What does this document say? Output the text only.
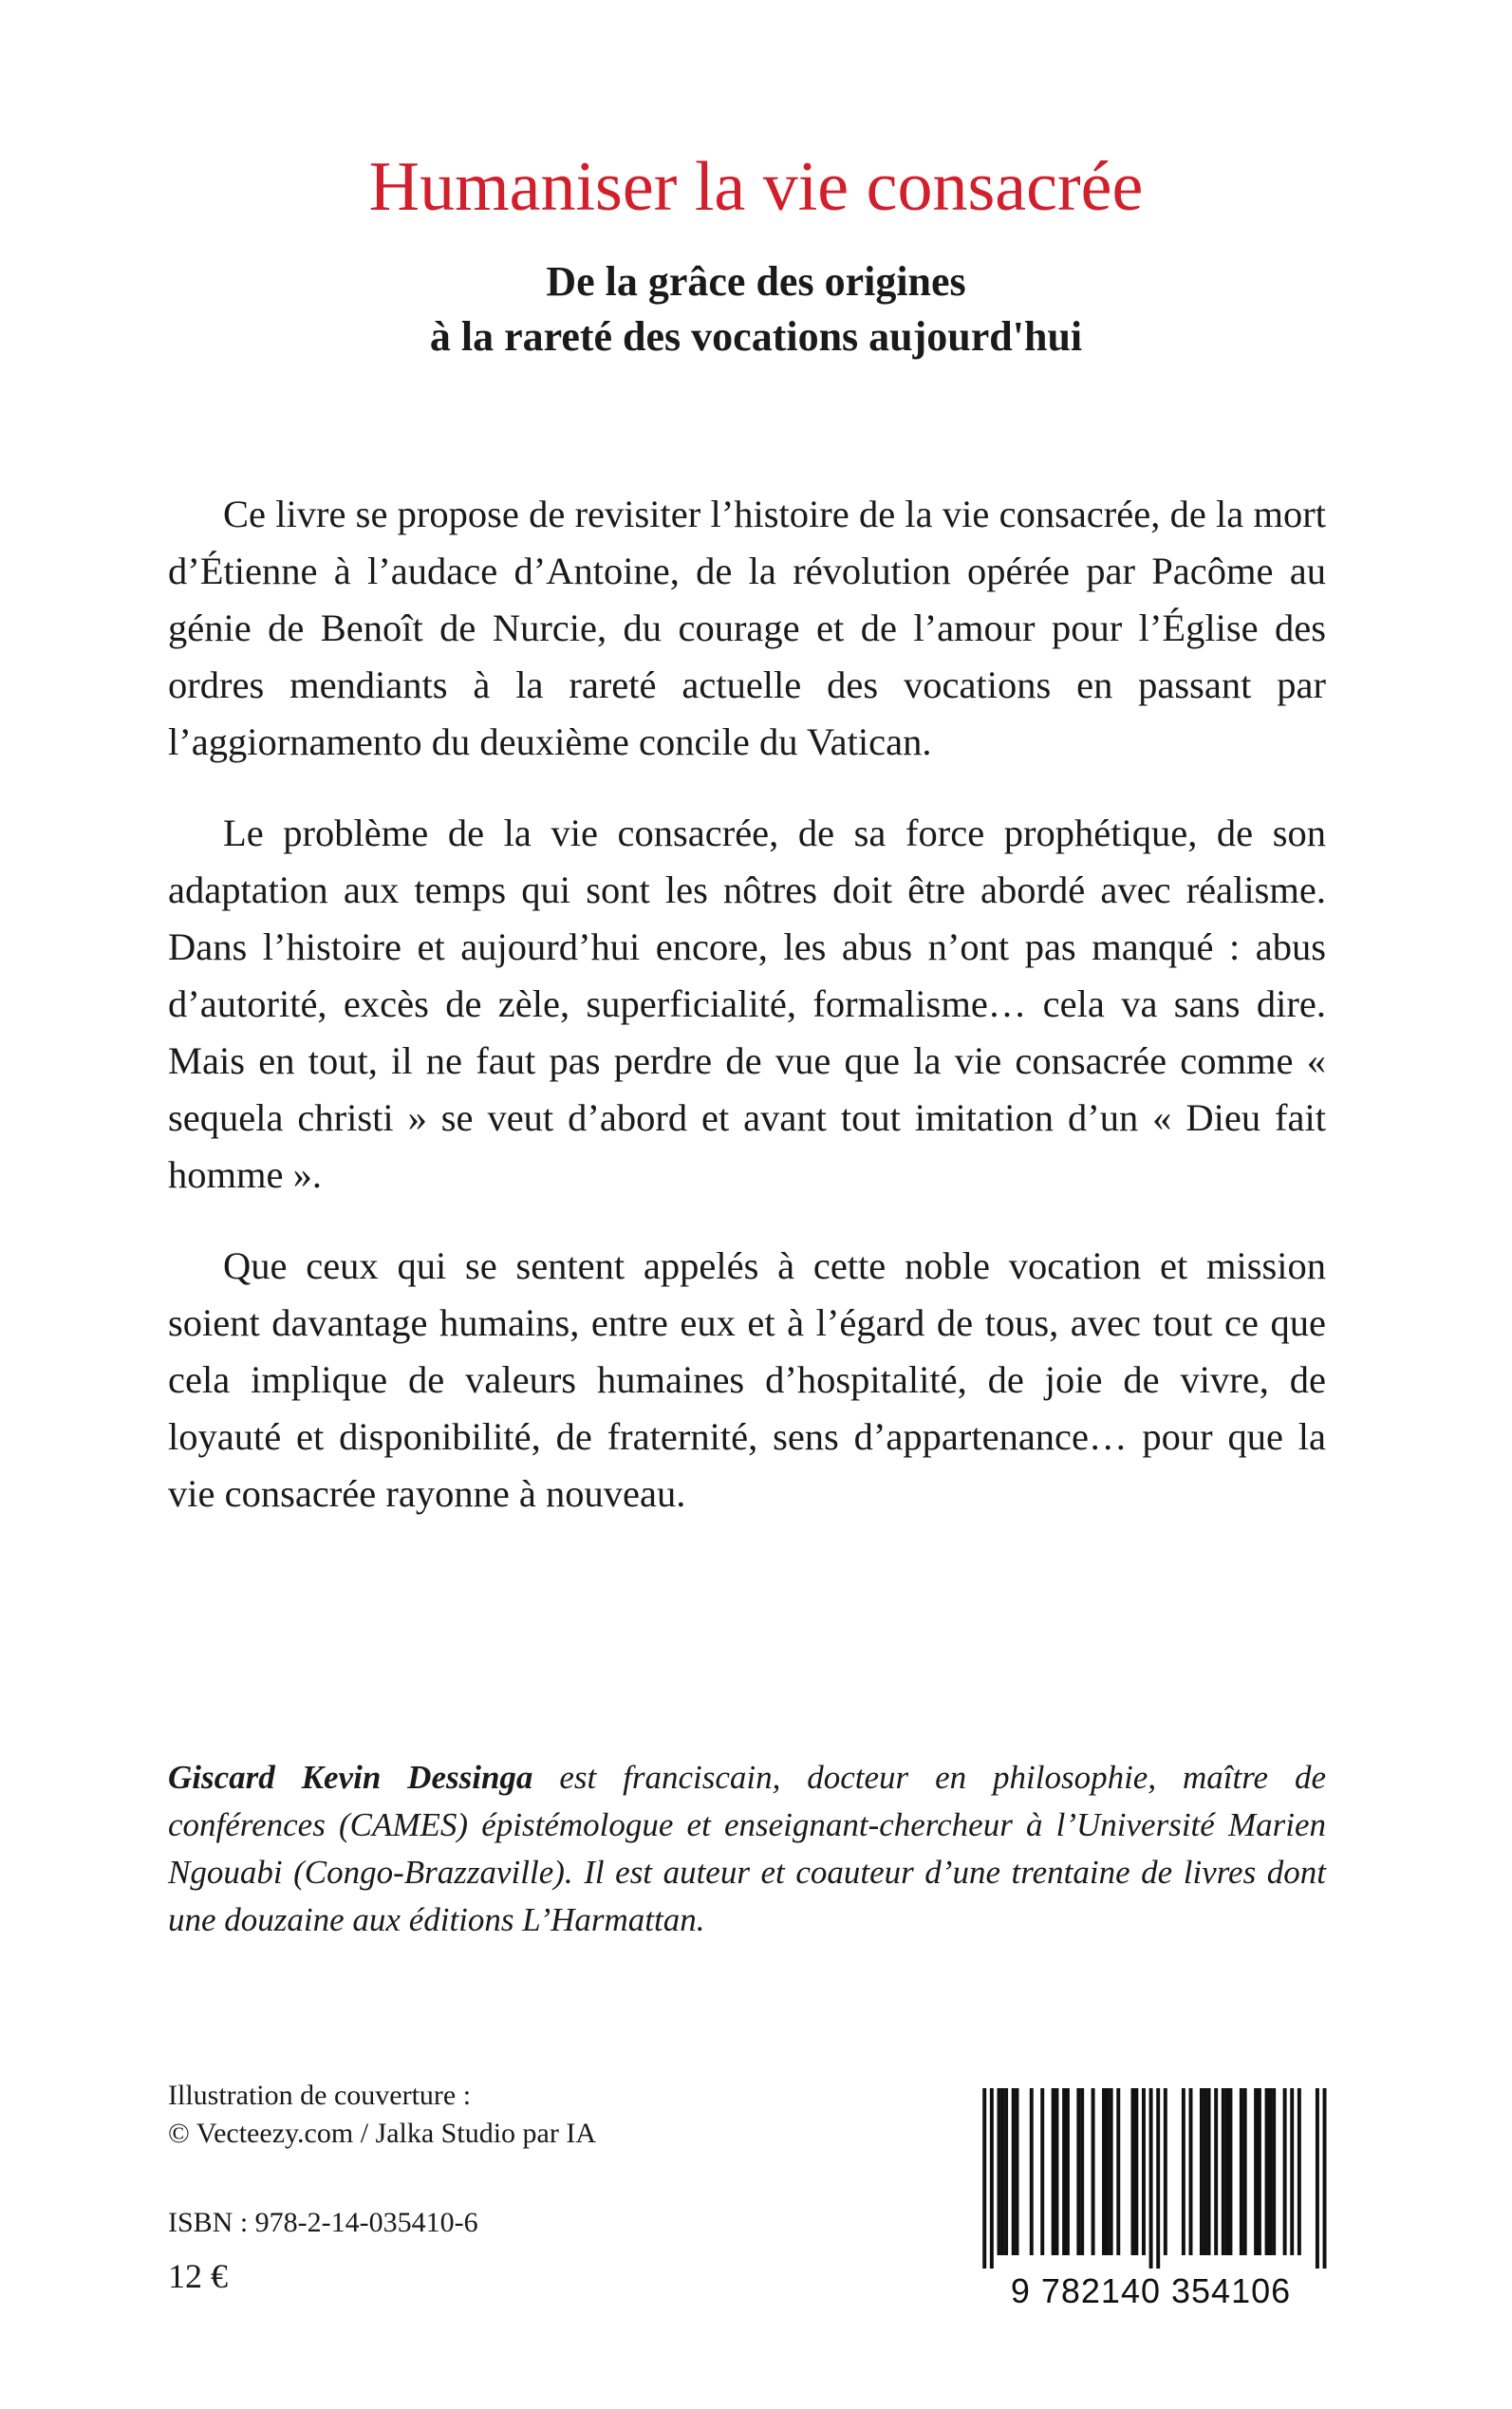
Humaniser la vie consacrée
De la grâce des origines
à la rareté des vocations aujourd'hui

Ce livre se propose de revisiter l’histoire de la vie consacrée, de la mort d’Étienne à l’audace d’Antoine, de la révolution opérée par Pacôme au génie de Benoît de Nurcie, du courage et de l’amour pour l’Église des ordres mendiants à la rareté actuelle des vocations en passant par l’aggiornamento du deuxième concile du Vatican.

Le problème de la vie consacrée, de sa force prophétique, de son adaptation aux temps qui sont les nôtres doit être abordé avec réalisme. Dans l’histoire et aujourd’hui encore, les abus n’ont pas manqué : abus d’autorité, excès de zèle, superficialité, formalisme… cela va sans dire. Mais en tout, il ne faut pas perdre de vue que la vie consacrée comme « sequela christi » se veut d’abord et avant tout imitation d’un « Dieu fait homme ».

Que ceux qui se sentent appelés à cette noble vocation et mission soient davantage humains, entre eux et à l’égard de tous, avec tout ce que cela implique de valeurs humaines d’hospitalité, de joie de vivre, de loyauté et disponibilité, de fraternité, sens d’appartenance… pour que la vie consacrée rayonne à nouveau.

Giscard Kevin Dessinga est franciscain, docteur en philosophie, maître de conférences (CAMES) épistémologue et enseignant-chercheur à l’Université Marien Ngouabi (Congo-Brazzaville). Il est auteur et coauteur d’une trentaine de livres dont une douzaine aux éditions L’Harmattan.

Illustration de couverture :
© Vecteezy.com / Jalka Studio par IA
ISBN : 978-2-14-035410-6
12 €	9 782140 354106
